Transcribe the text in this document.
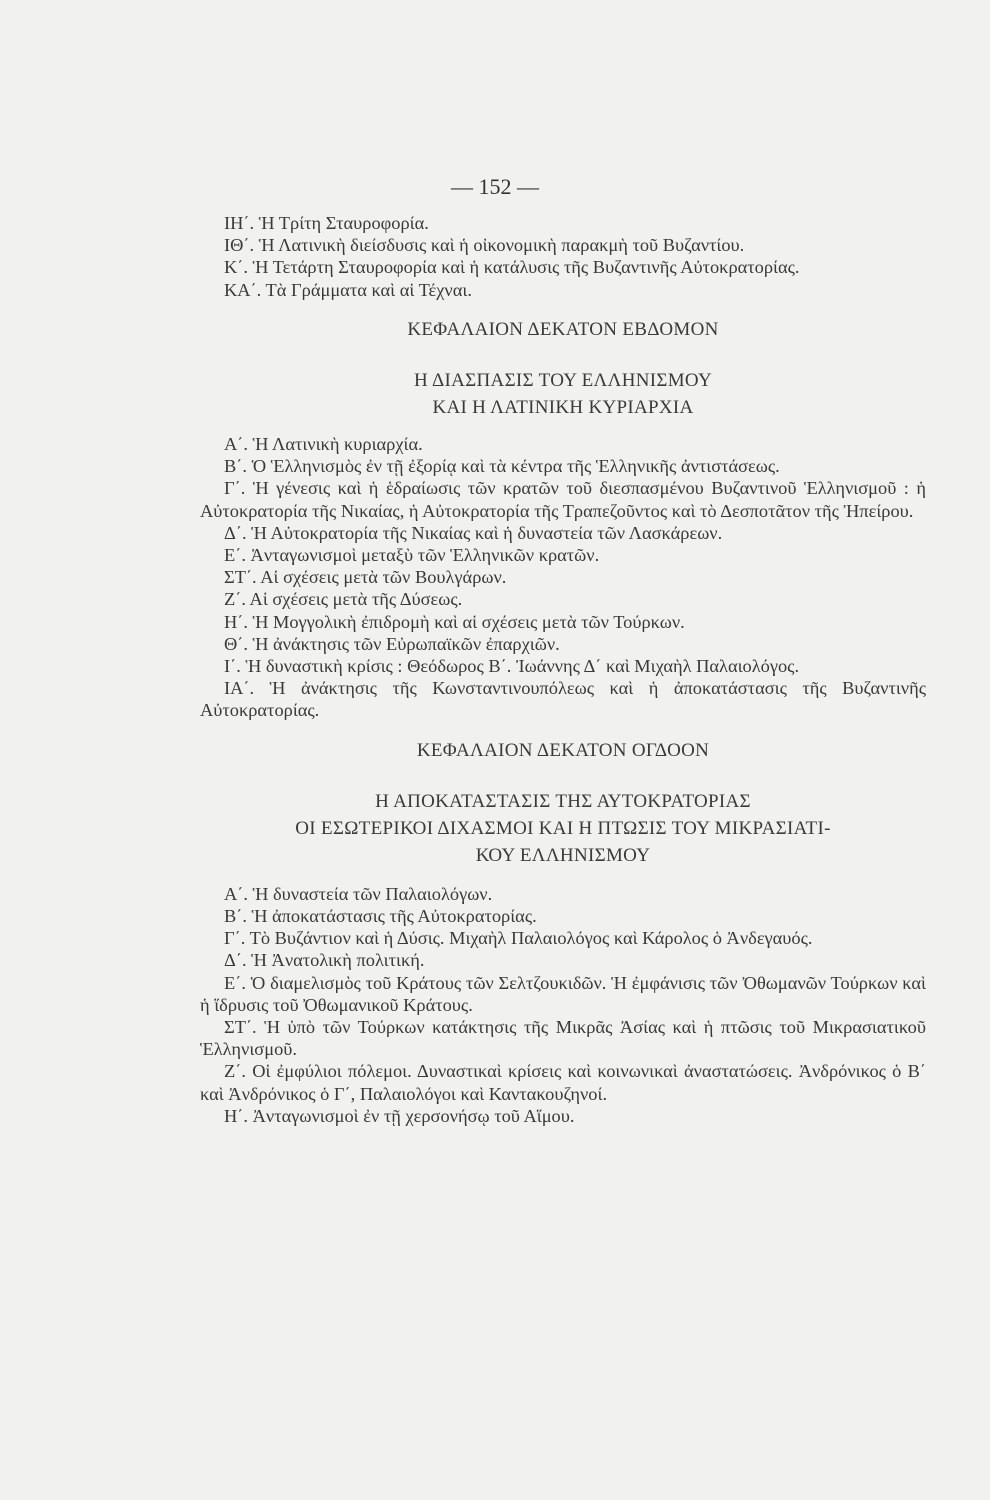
— 152 —

ΙΗ΄. Ἡ Τρίτη Σταυροφορία.

ΙΘ΄. Ἡ Λατινικὴ διείσδυσις καὶ ἡ οἰκονομικὴ παρακμὴ τοῦ Βυζαντίου.

Κ΄. Ἡ Τετάρτη Σταυροφορία καὶ ἡ κατάλυσις τῆς Βυζαντινῆς Αὐτοκρατορίας.

ΚΑ΄. Τὰ Γράμματα καὶ αἱ Τέχναι.

ΚΕΦΑΛΑΙΟΝ ΔΕΚΑΤΟΝ ΕΒΔΟΜΟΝ

Η ΔΙΑΣΠΑΣΙΣ ΤΟΥ ΕΛΛΗΝΙΣΜΟΥ

ΚΑΙ Η ΛΑΤΙΝΙΚΗ ΚΥΡΙΑΡΧΙΑ

Α΄. Ἡ Λατινικὴ κυριαρχία.

Β΄. Ὁ Ἑλληνισμὸς ἐν τῇ ἐξορίᾳ καὶ τὰ κέντρα τῆς Ἑλληνικῆς ἀντιστάσεως.

Γ΄. Ἡ γένεσις καὶ ἡ ἑδραίωσις τῶν κρατῶν τοῦ διεσπασμένου Βυζαντινοῦ Ἑλληνισμοῦ : ἡ Αὐτοκρατορία τῆς Νικαίας, ἡ Αὐτοκρατορία τῆς Τραπεζοῦντος καὶ τὸ Δεσποτᾶτον τῆς Ἠπείρου.

Δ΄. Ἡ Αὐτοκρατορία τῆς Νικαίας καὶ ἡ δυναστεία τῶν Λασκάρεων.

Ε΄. Ἀνταγωνισμοὶ μεταξὺ τῶν Ἑλληνικῶν κρατῶν.

ΣΤ΄. Αἱ σχέσεις μετὰ τῶν Βουλγάρων.

Ζ΄. Αἱ σχέσεις μετὰ τῆς Δύσεως.

Η΄. Ἡ Μογγολικὴ ἐπιδρομὴ καὶ αἱ σχέσεις μετὰ τῶν Τούρκων.

Θ΄. Ἡ ἀνάκτησις τῶν Εὐρωπαϊκῶν ἐπαρχιῶν.

Ι΄. Ἡ δυναστικὴ κρίσις : Θεόδωρος Β΄. Ἰωάννης Δ΄ καὶ Μιχαὴλ Παλαιολόγος.

ΙΑ΄. Ἡ ἀνάκτησις τῆς Κωνσταντινουπόλεως καὶ ἡ ἀποκατάστασις τῆς Βυζαντινῆς Αὐτοκρατορίας.

ΚΕΦΑΛΑΙΟΝ ΔΕΚΑΤΟΝ ΟΓΔΟΟΝ

Η ΑΠΟΚΑΤΑΣΤΑΣΙΣ ΤΗΣ ΑΥΤΟΚΡΑΤΟΡΙΑΣ

ΟΙ ΕΣΩΤΕΡΙΚΟΙ ΔΙΧΑΣΜΟΙ ΚΑΙ Η ΠΤΩΣΙΣ ΤΟΥ ΜΙΚΡΑΣΙΑΤΙ-

ΚΟΥ ΕΛΛΗΝΙΣΜΟΥ

Α΄. Ἡ δυναστεία τῶν Παλαιολόγων.

Β΄. Ἡ ἀποκατάστασις τῆς Αὐτοκρατορίας.

Γ΄. Τὸ Βυζάντιον καὶ ἡ Δύσις. Μιχαὴλ Παλαιολόγος καὶ Κάρολος ὁ Ἀνδεγαυός.

Δ΄. Ἡ Ἀνατολικὴ πολιτική.

Ε΄. Ὁ διαμελισμὸς τοῦ Κράτους τῶν Σελτζουκιδῶν. Ἡ ἐμφάνισις τῶν Ὀθωμανῶν Τούρκων καὶ ἡ ἵδρυσις τοῦ Ὀθωμανικοῦ Κράτους.

ΣΤ΄. Ἡ ὑπὸ τῶν Τούρκων κατάκτησις τῆς Μικρᾶς Ἀσίας καὶ ἡ πτῶσις τοῦ Μικρασιατικοῦ Ἑλληνισμοῦ.

Ζ΄. Οἱ ἐμφύλιοι πόλεμοι. Δυναστικαὶ κρίσεις καὶ κοινωνικαὶ ἀναστατώσεις. Ἀνδρόνικος ὁ Β΄ καὶ Ἀνδρόνικος ὁ Γ΄, Παλαιολόγοι καὶ Καντακουζηνοί.

Η΄. Ἀνταγωνισμοὶ ἐν τῇ χερσονήσῳ τοῦ Αἵμου.
